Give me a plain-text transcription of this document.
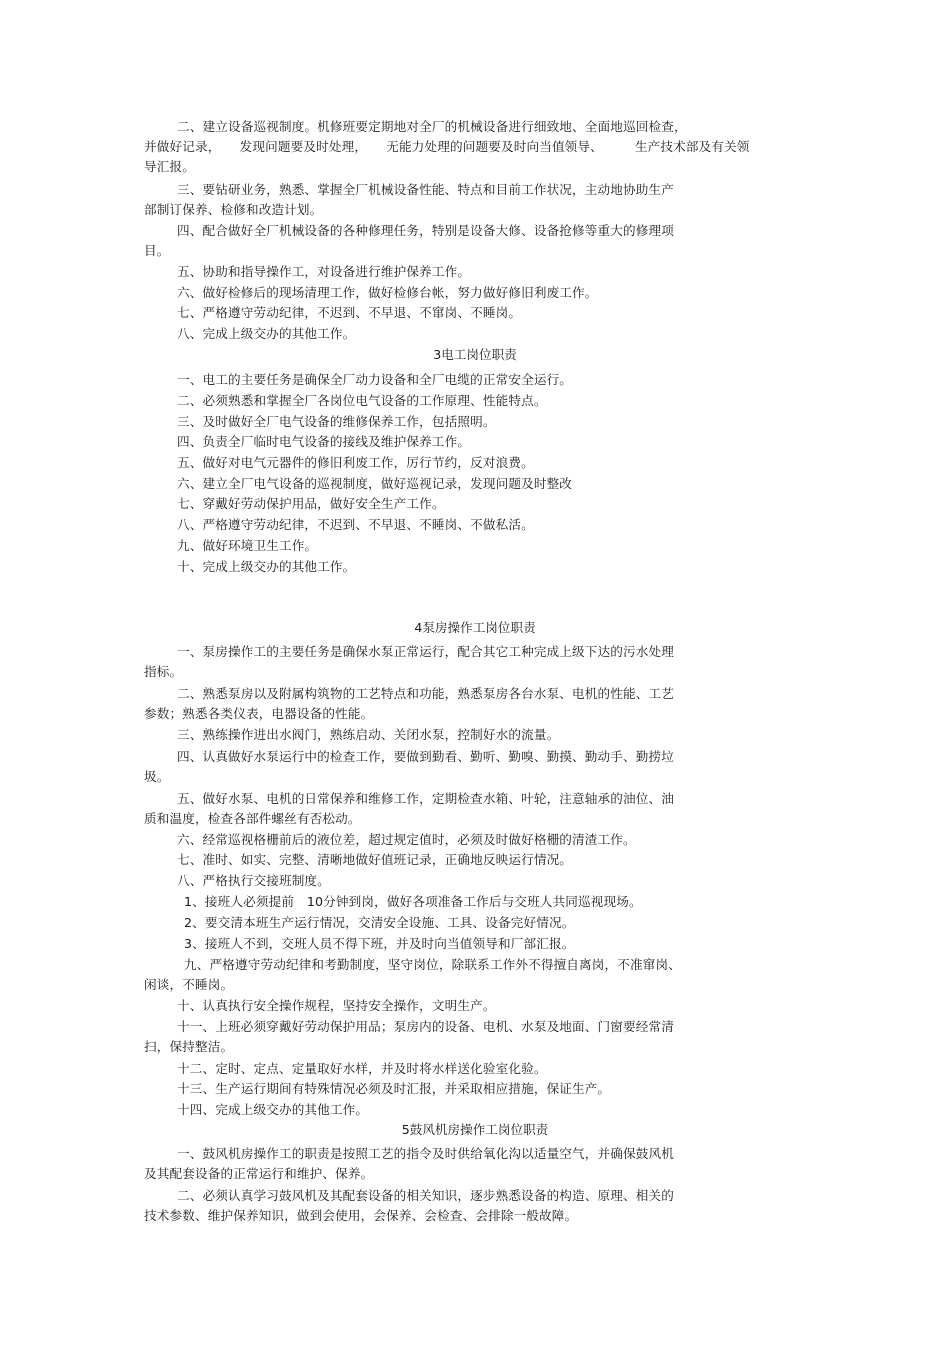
二、建立设备巡视制度。机修班要定期地对全厂的机械设备进行细致地、全面地巡回检查，
并做好记录，　　发现问题要及时处理，　　无能力处理的问题要及时向当值领导、　　　生产技术部及有关领
导汇报。
三、要钻研业务，熟悉、掌握全厂机械设备性能、特点和目前工作状况，主动地协助生产
部制订保养、检修和改造计划。
四、配合做好全厂机械设备的各种修理任务，特别是设备大修、设备抢修等重大的修理项
目。
五、协助和指导操作工，对设备进行维护保养工作。
六、做好检修后的现场清理工作，做好检修台帐，努力做好修旧利废工作。
七、严格遵守劳动纪律，不迟到、不早退、不窜岗、不睡岗。
八、完成上级交办的其他工作。
3电工岗位职责
一、电工的主要任务是确保全厂动力设备和全厂电缆的正常安全运行。
二、必须熟悉和掌握全厂各岗位电气设备的工作原理、性能特点。
三、及时做好全厂电气设备的维修保养工作，包括照明。
四、负责全厂临时电气设备的接线及维护保养工作。
五、做好对电气元器件的修旧利废工作，厉行节约，反对浪费。
六、建立全厂电气设备的巡视制度，做好巡视记录，发现问题及时整改
七、穿戴好劳动保护用品，做好安全生产工作。
八、严格遵守劳动纪律，不迟到、不早退、不睡岗、不做私活。
九、做好环境卫生工作。
十、完成上级交办的其他工作。
4泵房操作工岗位职责
一、泵房操作工的主要任务是确保水泵正常运行，配合其它工种完成上级下达的污水处理
指标。
二、熟悉泵房以及附属构筑物的工艺特点和功能，熟悉泵房各台水泵、电机的性能、工艺
参数；熟悉各类仪表，电器设备的性能。
三、熟练操作进出水阀门，熟练启动、关闭水泵，控制好水的流量。
四、认真做好水泵运行中的检查工作，要做到勤看、勤听、勤嗅、勤摸、勤动手、勤捞垃
圾。
五、做好水泵、电机的日常保养和维修工作，定期检查水箱、叶轮，注意轴承的油位、油
质和温度，检查各部件螺丝有否松动。
六、经常巡视格栅前后的液位差，超过规定值时，必须及时做好格栅的清渣工作。
七、准时、如实、完整、清晰地做好值班记录，正确地反映运行情况。
八、严格执行交接班制度。
1、接班人必须提前　10分钟到岗，做好各项准备工作后与交班人共同巡视现场。
2、要交清本班生产运行情况，交清安全设施、工具、设备完好情况。
3、接班人不到，交班人员不得下班，并及时向当值领导和厂部汇报。
九、严格遵守劳动纪律和考勤制度，坚守岗位，除联系工作外不得擅自离岗，不准窜岗、
闲谈，不睡岗。
十、认真执行安全操作规程，坚持安全操作，文明生产。
十一、上班必须穿戴好劳动保护用品；泵房内的设备、电机、水泵及地面、门窗要经常清
扫，保持整洁。
十二、定时、定点、定量取好水样，并及时将水样送化验室化验。
十三、生产运行期间有特殊情况必须及时汇报，并采取相应措施，保证生产。
十四、完成上级交办的其他工作。
5鼓风机房操作工岗位职责
一、鼓风机房操作工的职责是按照工艺的指令及时供给氧化沟以适量空气，并确保鼓风机
及其配套设备的正常运行和维护、保养。
二、必须认真学习鼓风机及其配套设备的相关知识，逐步熟悉设备的构造、原理、相关的
技术参数、维护保养知识，做到会使用，会保养、会检查、会排除一般故障。
